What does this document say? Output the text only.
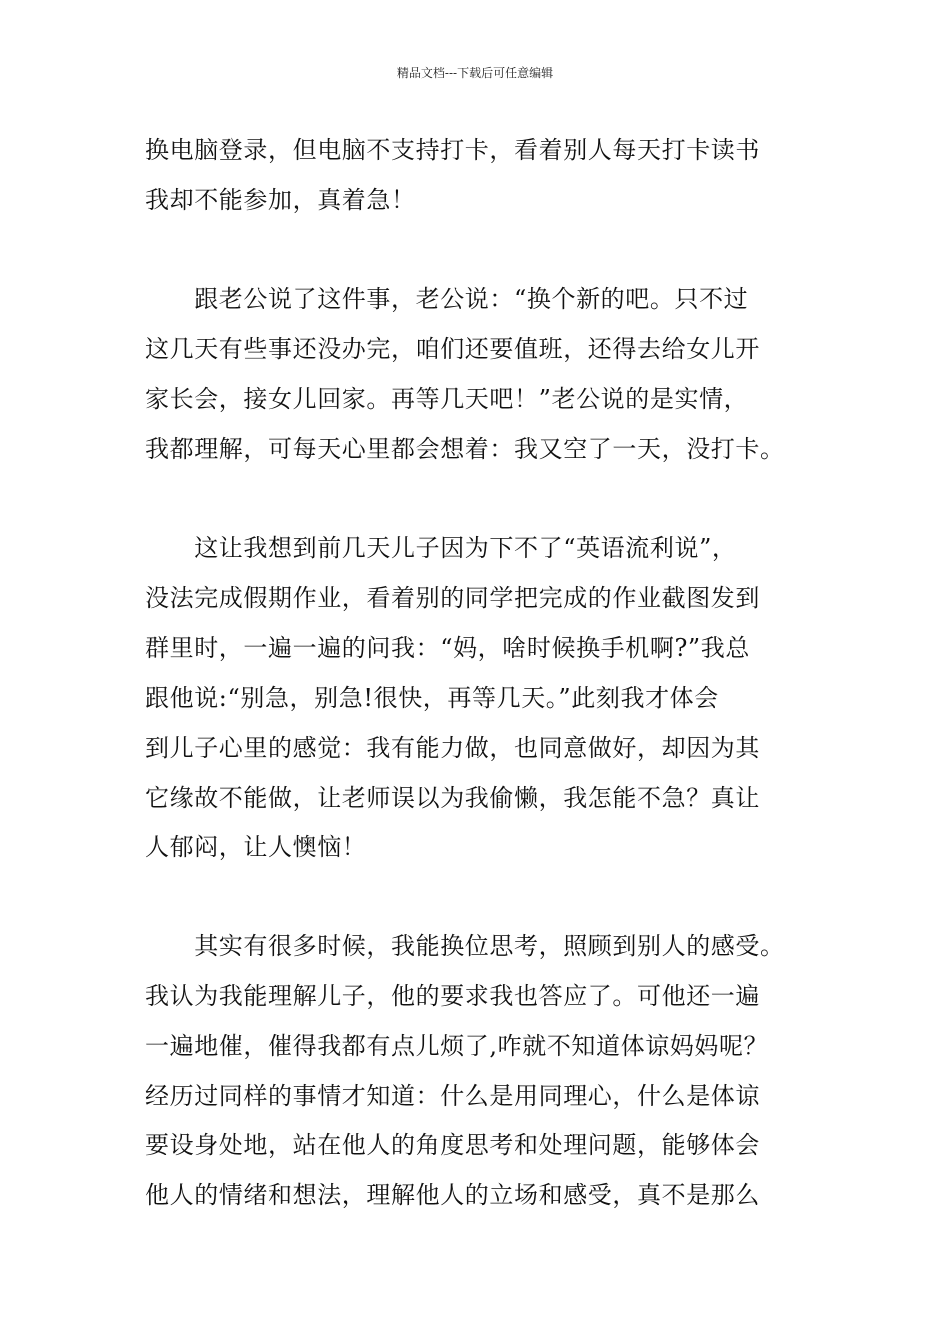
精品文档---下载后可任意编辑
换电脑登录，但电脑不支持打卡，看着别人每天打卡读书
我却不能参加，真着急！
　　跟老公说了这件事，老公说：“换个新的吧。只不过
这几天有些事还没办完，咱们还要值班，还得去给女儿开
家长会，接女儿回家。再等几天吧！”老公说的是实情，
我都理解，可每天心里都会想着：我又空了一天，没打卡。
　　这让我想到前几天儿子因为下不了“英语流利说”，
没法完成假期作业，看着别的同学把完成的作业截图发到
群里时，一遍一遍的问我：“妈，啥时候换手机啊?”我总
跟他说:“别急，别急!很快，再等几天。”此刻我才体会
到儿子心里的感觉：我有能力做，也同意做好，却因为其
它缘故不能做，让老师误以为我偷懒，我怎能不急？真让
人郁闷，让人懊恼！
　　其实有很多时候，我能换位思考，照顾到别人的感受。
我认为我能理解儿子，他的要求我也答应了。可他还一遍
一遍地催，催得我都有点儿烦了,咋就不知道体谅妈妈呢？
经历过同样的事情才知道：什么是用同理心，什么是体谅
要设身处地，站在他人的角度思考和处理问题，能够体会
他人的情绪和想法，理解他人的立场和感受，真不是那么
